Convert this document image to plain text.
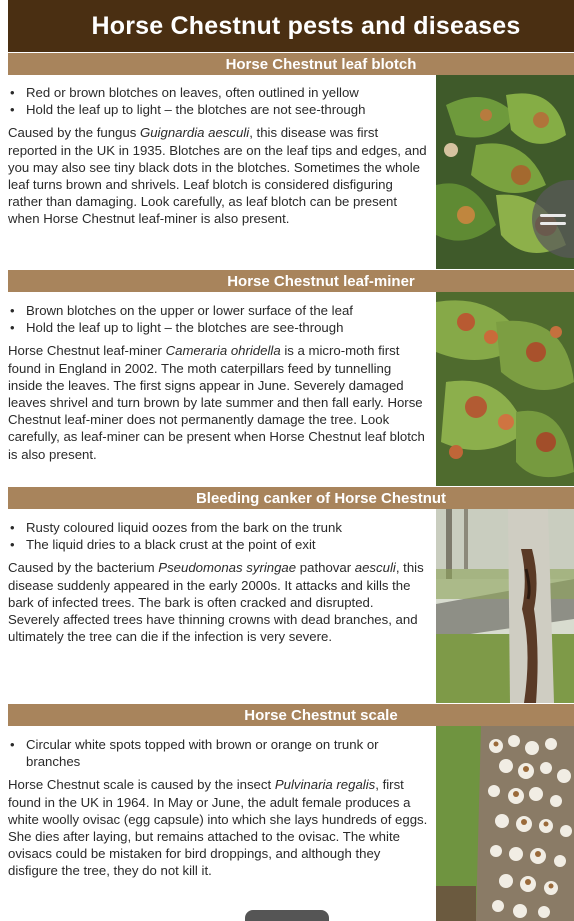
Horse Chestnut pests and diseases
Horse Chestnut leaf blotch
• Red or brown blotches on leaves, often outlined in yellow
• Hold the leaf up to light – the blotches are not see-through

Caused by the fungus Guignardia aesculi, this disease was first reported in the UK in 1935. Blotches are on the leaf tips and edges, and you may also see tiny black dots in the blotches. Sometimes the whole leaf turns brown and shrivels. Leaf blotch is considered disfiguring rather than damaging. Look carefully, as leaf blotch can be present when Horse Chestnut leaf-miner is also present.

Horse Chestnut leaf-miner
• Brown blotches on the upper or lower surface of the leaf
• Hold the leaf up to light – the blotches are see-through

Horse Chestnut leaf-miner Cameraria ohridella is a micro-moth first found in England in 2002. The moth caterpillars feed by tunnelling inside the leaves. The first signs appear in June. Severely damaged leaves shrivel and turn brown by late summer and then fall early. Horse Chestnut leaf-miner does not permanently damage the tree. Look carefully, as leaf-miner can be present when Horse Chestnut leaf blotch is also present.

Bleeding canker of Horse Chestnut
• Rusty coloured liquid oozes from the bark on the trunk
• The liquid dries to a black crust at the point of exit

Caused by the bacterium Pseudomonas syringae pathovar aesculi, this disease suddenly appeared in the early 2000s. It attacks and kills the bark of infected trees. The bark is often cracked and disrupted. Severely affected trees have thinning crowns with dead branches, and ultimately the tree can die if the infection is very severe.

Horse Chestnut scale
• Circular white spots topped with brown or orange on trunk or branches

Horse Chestnut scale is caused by the insect Pulvinaria regalis, first found in the UK in 1964. In May or June, the adult female produces a white woolly ovisac (egg capsule) into which she lays hundreds of eggs. She dies after laying, but remains attached to the ovisac. The white ovisacs could be mistaken for bird droppings, and although they disfigure the tree, they do not kill it.
